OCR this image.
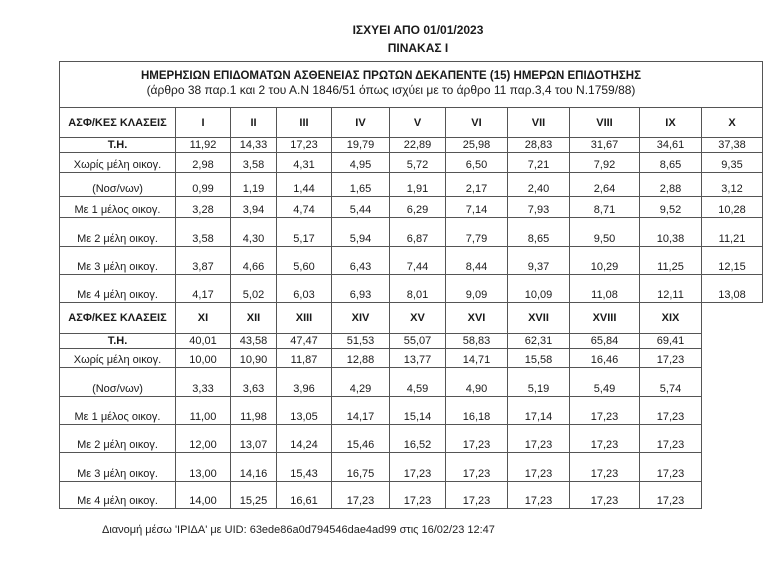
ΙΣΧΥΕΙ ΑΠΟ 01/01/2023
ΠΙΝΑΚΑΣ Ι
ΗΜΕΡΗΣΙΩΝ ΕΠΙΔΟΜΑΤΩΝ ΑΣΘΕΝΕΙΑΣ ΠΡΩΤΩΝ ΔΕΚΑΠΕΝΤΕ (15) ΗΜΕΡΩΝ ΕΠΙΔΟΤΗΣΗΣ
(άρθρο 38 παρ.1 και 2 του Α.Ν 1846/51 όπως ισχύει με το άρθρο 11 παρ.3,4 του Ν.1759/88)
ΑΣΦ/ΚΕΣ ΚΛΑΣΕΙΣ	I	II	III	IV	V	VI	VII	VIII	IX	X
Τ.Η.	11,92	14,33	17,23	19,79	22,89	25,98	28,83	31,67	34,61	37,38
Χωρίς μέλη οικογ.	2,98	3,58	4,31	4,95	5,72	6,50	7,21	7,92	8,65	9,35
(Νοσ/νων)	0,99	1,19	1,44	1,65	1,91	2,17	2,40	2,64	2,88	3,12
Με 1 μέλος οικογ.	3,28	3,94	4,74	5,44	6,29	7,14	7,93	8,71	9,52	10,28
Με 2 μέλη οικογ.	3,58	4,30	5,17	5,94	6,87	7,79	8,65	9,50	10,38	11,21
Με 3 μέλη οικογ.	3,87	4,66	5,60	6,43	7,44	8,44	9,37	10,29	11,25	12,15
Με 4 μέλη οικογ.	4,17	5,02	6,03	6,93	8,01	9,09	10,09	11,08	12,11	13,08
ΑΣΦ/ΚΕΣ ΚΛΑΣΕΙΣ	XI	XII	XIII	XIV	XV	XVI	XVII	XVIII	XIX
Τ.Η.	40,01	43,58	47,47	51,53	55,07	58,83	62,31	65,84	69,41
Χωρίς μέλη οικογ.	10,00	10,90	11,87	12,88	13,77	14,71	15,58	16,46	17,23
(Νοσ/νων)	3,33	3,63	3,96	4,29	4,59	4,90	5,19	5,49	5,74
Με 1 μέλος οικογ.	11,00	11,98	13,05	14,17	15,14	16,18	17,14	17,23	17,23
Με 2 μέλη οικογ.	12,00	13,07	14,24	15,46	16,52	17,23	17,23	17,23	17,23
Με 3 μέλη οικογ.	13,00	14,16	15,43	16,75	17,23	17,23	17,23	17,23	17,23
Με 4 μέλη οικογ.	14,00	15,25	16,61	17,23	17,23	17,23	17,23	17,23	17,23
Διανομή μέσω 'ΙΡΙΔΑ' με UID: 63ede86a0d794546dae4ad99 στις 16/02/23 12:47
